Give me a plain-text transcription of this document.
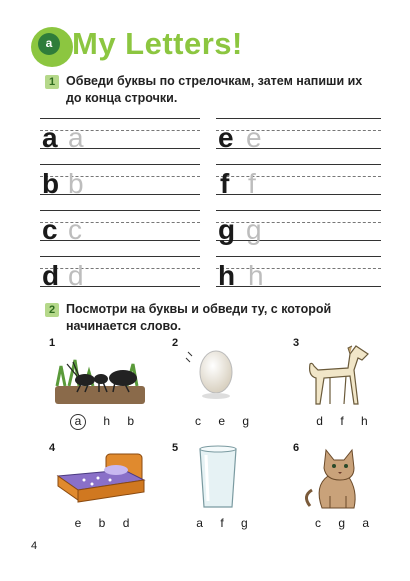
a My Letters!
1 Обведи буквы по стрелочкам, затем напиши их
до конца строчки.
a a
b b
c c
d d
e e
f f
g g
h h
2 Посмотри на буквы и обведи ту, с которой
начинается слово.
1
a h b
2
c e g
3
d f h
4
e b d
5
a f g
6
c g a
4
